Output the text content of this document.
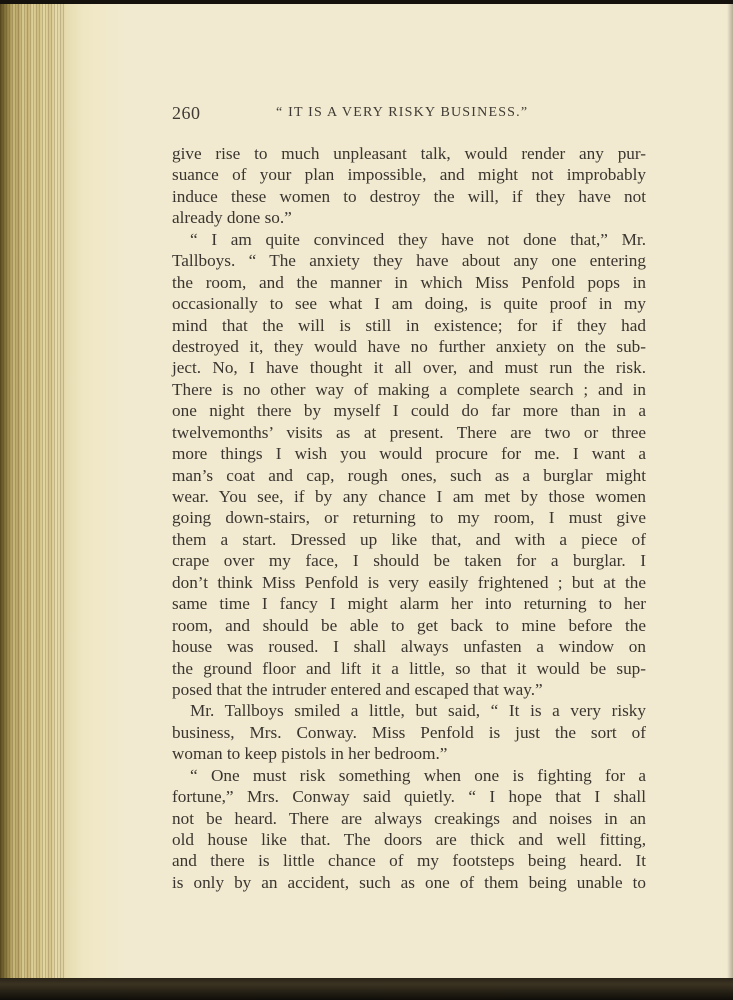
260	“ IT IS A VERY RISKY BUSINESS.”
give rise to much unpleasant talk, would render any pur-
suance of your plan impossible, and might not improbably
induce these women to destroy the will, if they have not
already done so.”
“ I am quite convinced they have not done that,” Mr.
Tallboys. “ The anxiety they have about any one entering
the room, and the manner in which Miss Penfold pops in
occasionally to see what I am doing, is quite proof in my
mind that the will is still in existence; for if they had
destroyed it, they would have no further anxiety on the sub-
ject. No, I have thought it all over, and must run the risk.
There is no other way of making a complete search ; and in
one night there by myself I could do far more than in a
twelvemonths’ visits as at present. There are two or three
more things I wish you would procure for me. I want a
man’s coat and cap, rough ones, such as a burglar might
wear. You see, if by any chance I am met by those women
going down-stairs, or returning to my room, I must give
them a start. Dressed up like that, and with a piece of
crape over my face, I should be taken for a burglar. I
don’t think Miss Penfold is very easily frightened ; but at the
same time I fancy I might alarm her into returning to her
room, and should be able to get back to mine before the
house was roused. I shall always unfasten a window on
the ground floor and lift it a little, so that it would be sup-
posed that the intruder entered and escaped that way.”
Mr. Tallboys smiled a little, but said, “ It is a very risky
business, Mrs. Conway. Miss Penfold is just the sort of
woman to keep pistols in her bedroom.”
“ One must risk something when one is fighting for a
fortune,” Mrs. Conway said quietly. “ I hope that I shall
not be heard. There are always creakings and noises in an
old house like that. The doors are thick and well fitting,
and there is little chance of my footsteps being heard. It
is only by an accident, such as one of them being unable to
